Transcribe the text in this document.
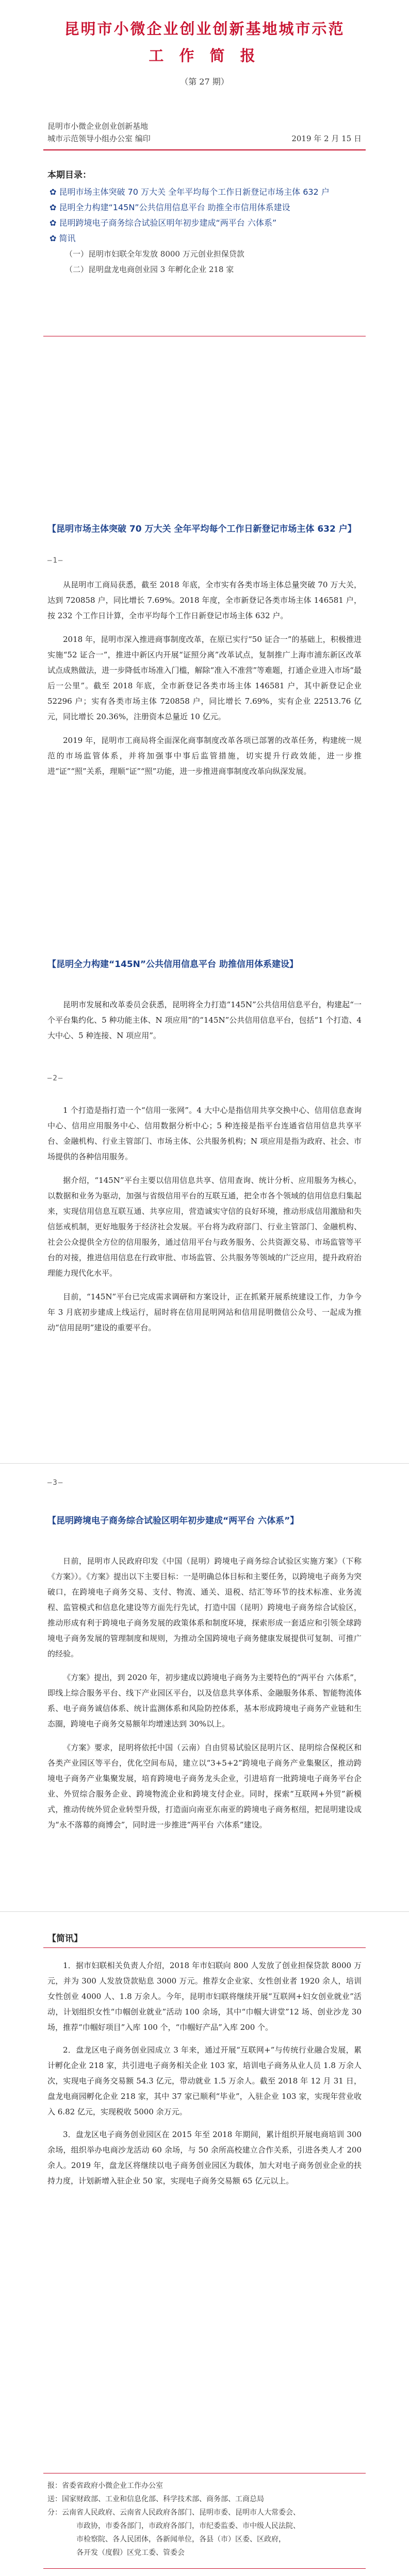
昆明市小微企业创业创新基地城市示范
工 作 简 报
（第 27 期）
昆明市小微企业创业创新基地
城市示范领导小组办公室 编印	2019 年 2 月 15 日
本期目录：
✿ 昆明市场主体突破 70 万大关 全年平均每个工作日新登记市场主体 632 户
✿ 昆明全力构建“145N”公共信用信息平台 助推全市信用体系建设
✿ 昆明跨境电子商务综合试验区明年初步建成“两平台 六体系”
✿ 简讯
（一）昆明市妇联全年发放 8000 万元创业担保贷款
（二）昆明盘龙电商创业园 3 年孵化企业 218 家
【昆明市场主体突破 70 万大关 全年平均每个工作日新登记市场主体 632 户】
—1—

从昆明市工商局获悉，截至 2018 年底，全市实有各类市场主体总量突破 70 万大关，达到 720858 户，同比增长 7.69%。2018 年度，全市新登记各类市场主体 146581 户，按 232 个工作日计算，全市平均每个工作日新登记市场主体 632 户。

2018 年，昆明市深入推进商事制度改革，在原已实行“50 证合一”的基础上，积极推进实施“52 证合一”，推进中新区内开展“证照分离”改革试点，复制推广上海市浦东新区改革试点成熟做法，进一步降低市场准入门槛，解除“准入不准营”等难题，打通企业进入市场“最后一公里”。截至 2018 年底，全市新登记各类市场主体 146581 户，其中新登记企业 52296 户；实有各类市场主体 720858 户，同比增长 7.69%，实有企业 22513.76 亿元，同比增长 20.36%，注册资本总量近 10 亿元。

2019 年，昆明市工商局将全面深化商事制度改革各项已部署的改革任务，构建统一规范的市场监管体系，并将加强事中事后监管措施，切实提升行政效能，进一步推进“证”“照”关系，理顺“证”“照”功能，进一步推进商事制度改革向纵深发展。

【昆明全力构建“145N”公共信用信息平台 助推信用体系建设】

昆明市发展和改革委员会获悉，昆明将全力打造“145N”公共信用信息平台，构建起“一个平台集约化、5 种功能主体、N 项应用”的“145N”公共信用信息平台，包括“1 个打造、4 大中心、5 种连接、N 项应用”。

—2—

1 个打造是指打造一个“信用一张网”。4 大中心是指信用共享交换中心、信用信息查询中心、信用应用服务中心、信用数据分析中心；5 种连接是指平台连通省信用信息共享平台、金融机构、行业主管部门、市场主体、公共服务机构；N 项应用是指为政府、社会、市场提供的各种信用服务。

据介绍，“145N”平台主要以信用信息共享、信用查询、统计分析、应用服务为核心，以数据和业务为驱动，加强与省级信用平台的互联互通，把全市各个领域的信用信息归集起来，实现信用信息互联互通、共享应用，营造诚实守信的良好环境，推动形成信用激励和失信惩戒机制，更好地服务于经济社会发展。平台将为政府部门、行业主管部门、金融机构、社会公众提供全方位的信用服务，通过信用平台与政务服务、公共资源交易、市场监管等平台的对接，推进信用信息在行政审批、市场监管、公共服务等领域的广泛应用，提升政府治理能力现代化水平。

目前，“145N”平台已完成需求调研和方案设计，正在抓紧开展系统建设工作，力争今年 3 月底初步建成上线运行，届时将在信用昆明网站和信用昆明微信公众号、一起成为推动“信用昆明”建设的重要平台。

【昆明跨境电子商务综合试验区明年初步建成“两平台 六体系”】
—3—

日前，昆明市人民政府印发《中国（昆明）跨境电子商务综合试验区实施方案》（下称《方案》）。《方案》提出以下主要目标：一是明确总体目标和主要任务，以跨境电子商务为突破口，在跨境电子商务交易、支付、物流、通关、退税、结汇等环节的技术标准、业务流程、监管模式和信息化建设等方面先行先试，打造中国（昆明）跨境电子商务综合试验区，推动形成有利于跨境电子商务发展的政策体系和制度环境，探索形成一套适应和引领全球跨境电子商务发展的管理制度和规则，为推动全国跨境电子商务健康发展提供可复制、可推广的经验。

《方案》提出，到 2020 年，初步建成以跨境电子商务为主要特色的“两平台 六体系”，即线上综合服务平台、线下产业园区平台，以及信息共享体系、金融服务体系、智能物流体系、电子商务诚信体系、统计监测体系和风险防控体系，基本形成跨境电子商务产业链和生态圈，跨境电子商务交易额年均增速达到 30%以上。

《方案》要求，昆明将依托中国（云南）自由贸易试验区昆明片区、昆明综合保税区和各类产业园区等平台，优化空间布局，建立以“3+5+2”跨境电子商务产业集聚区，推动跨境电子商务产业集聚发展，培育跨境电子商务龙头企业，引进培育一批跨境电子商务平台企业、外贸综合服务企业、跨境物流企业和跨境支付企业。同时，探索“互联网+外贸”新模式，推动传统外贸企业转型升级，打造面向南亚东南亚的跨境电子商务枢纽，把昆明建设成为“永不落幕的商博会”，同时进一步推进“两平台 六体系”建设。

【简讯】

1．据市妇联相关负责人介绍，2018 年市妇联向 800 人发放了创业担保贷款 8000 万元，并为 300 人发放贷款贴息 3000 万元。推荐女企业家、女性创业者 1920 余人，培训女性创业 4000 人、1.8 万余人。今年，昆明市妇联将继续开展“互联网+妇女创业就业”活动，计划组织女性“巾帼创业就业”活动 100 余场，其中“巾帼大讲堂”12 场、创业沙龙 30 场，推荐“巾帼好项目”入库 100 个，“巾帼好产品”入库 200 个。

2．盘龙区电子商务创业园成立 3 年来，通过开展“互联网+”与传统行业融合发展，累计孵化企业 218 家，共引进电子商务相关企业 103 家，培训电子商务从业人员 1.8 万余人次，实现电子商务交易额 54.3 亿元，带动就业 1.5 万余人。截至 2018 年 12 月 31 日，盘龙电商园孵化企业 218 家，其中 37 家已顺利“毕业”，入驻企业 103 家，实现年营业收入 6.82 亿元，实现税收 5000 余万元。

3．盘龙区电子商务创业园区在 2015 年至 2018 年期间，累计组织开展电商培训 300 余场，组织举办电商沙龙活动 60 余场，与 50 余所高校建立合作关系，引进各类人才 200 余人。2019 年，盘龙区将继续以电子商务创业园区为载体，加大对电子商务创业企业的扶持力度，计划新增入驻企业 50 家，实现电子商务交易额 65 亿元以上。

报：省委省政府小微企业工作办公室
送：国家财政部、工业和信息化部、科学技术部、商务部、工商总局
分：云南省人民政府、云南省人民政府各部门、昆明市委、昆明市人大常委会、
市政协，市委各部门，市政府各部门，市纪委监委、市中级人民法院、
市检察院、各人民团体，各新闻单位，各县（市）区委、区政府，
各开发（度假）区党工委、管委会
